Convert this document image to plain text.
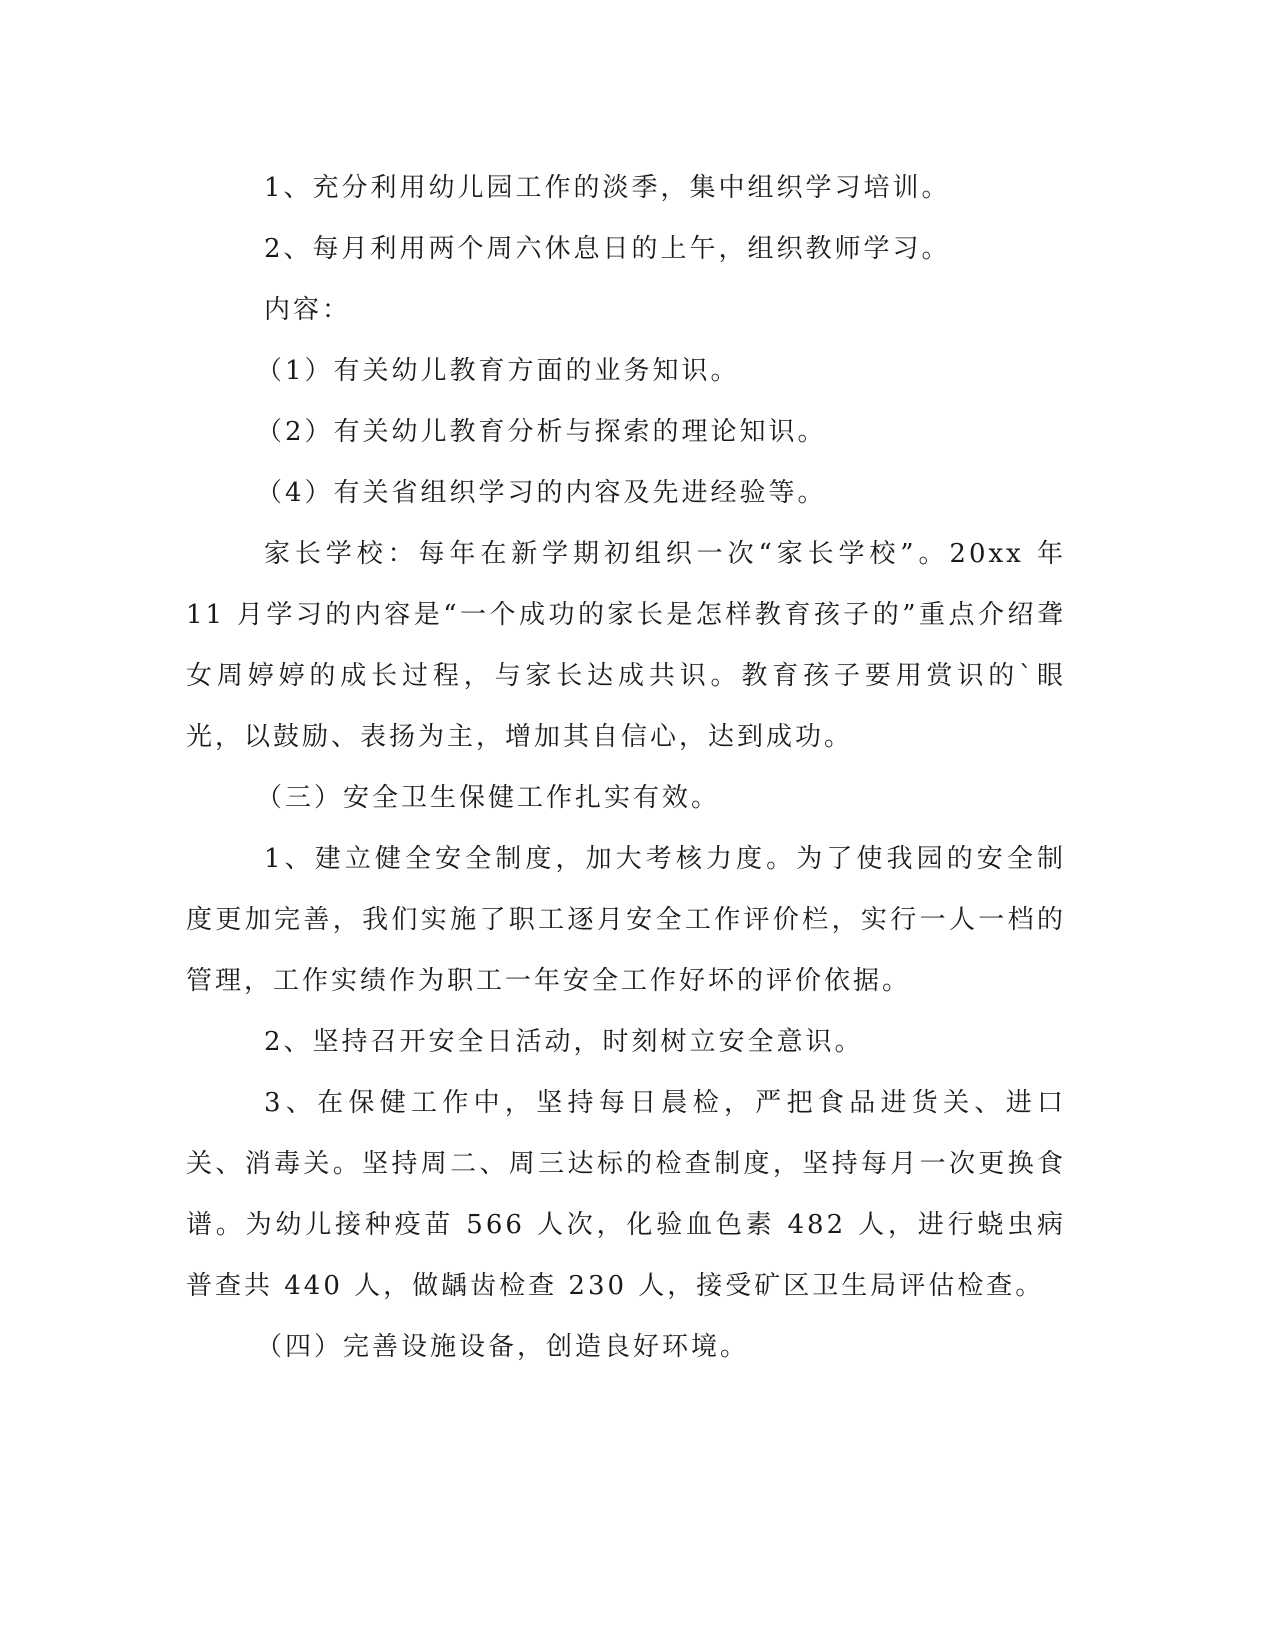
1、充分利用幼儿园工作的淡季，集中组织学习培训。

2、每月利用两个周六休息日的上午，组织教师学习。

内容：

（1）有关幼儿教育方面的业务知识。

（2）有关幼儿教育分析与探索的理论知识。

（4）有关省组织学习的内容及先进经验等。

家长学校：每年在新学期初组织一次“家长学校”。20xx 年 11 月学习的内容是“一个成功的家长是怎样教育孩子的”重点介绍聋女周婷婷的成长过程，与家长达成共识。教育孩子要用赏识的`眼光，以鼓励、表扬为主，增加其自信心，达到成功。

（三）安全卫生保健工作扎实有效。

1、建立健全安全制度，加大考核力度。为了使我园的安全制度更加完善，我们实施了职工逐月安全工作评价栏，实行一人一档的管理，工作实绩作为职工一年安全工作好坏的评价依据。

2、坚持召开安全日活动，时刻树立安全意识。

3、在保健工作中，坚持每日晨检，严把食品进货关、进口关、消毒关。坚持周二、周三达标的检查制度，坚持每月一次更换食谱。为幼儿接种疫苗 566 人次，化验血色素 482 人，进行蛲虫病普查共 440 人，做龋齿检查 230 人，接受矿区卫生局评估检查。

（四）完善设施设备，创造良好环境。
